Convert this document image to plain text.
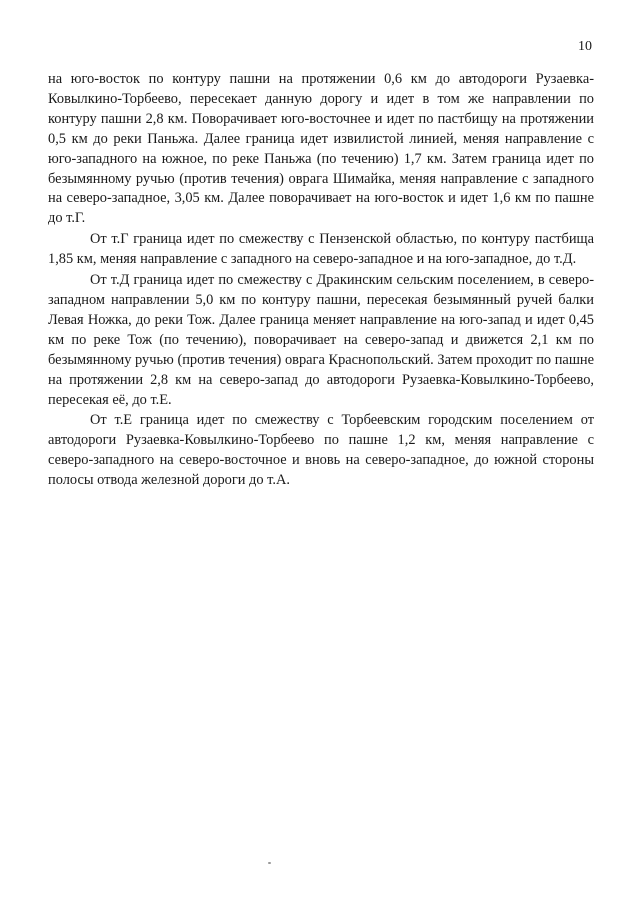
10

на юго-восток по контуру пашни на протяжении 0,6 км до автодороги Рузаевка-Ковылкино-Торбеево, пересекает данную дорогу и идет в том же направлении по контуру пашни 2,8 км. Поворачивает юго-восточнее и идет по пастбищу на протяжении 0,5 км до реки Паньжа. Далее граница идет извилистой линией, меняя направление с юго-западного на южное, по реке Паньжа (по течению) 1,7 км. Затем граница идет по безымянному ручью (против течения) оврага Шимайка, меняя направление с западного на северо-западное, 3,05 км. Далее поворачивает на юго-восток и идет 1,6 км по пашне до т.Г.

От т.Г граница идет по смежеству с Пензенской областью, по контуру пастбища 1,85 км, меняя направление с западного на северо-западное и на юго-западное, до т.Д.

От т.Д граница идет по смежеству с Дракинским сельским поселением, в северо-западном направлении 5,0 км по контуру пашни, пересекая безымянный ручей балки Левая Ножка, до реки Тож. Далее граница меняет направление на юго-запад и идет 0,45 км по реке Тож (по течению), поворачивает на северо-запад и движется 2,1 км по безымянному ручью (против течения) оврага Краснопольский. Затем проходит по пашне на протяжении 2,8 км на северо-запад до автодороги Рузаевка-Ковылкино-Торбеево, пересекая её, до т.Е.

От т.Е граница идет по смежеству с Торбеевским городским поселением от автодороги Рузаевка-Ковылкино-Торбеево по пашне 1,2 км, меняя направление с северо-западного на северо-восточное и вновь на северо-западное, до южной стороны полосы отвода железной дороги до т.А.
